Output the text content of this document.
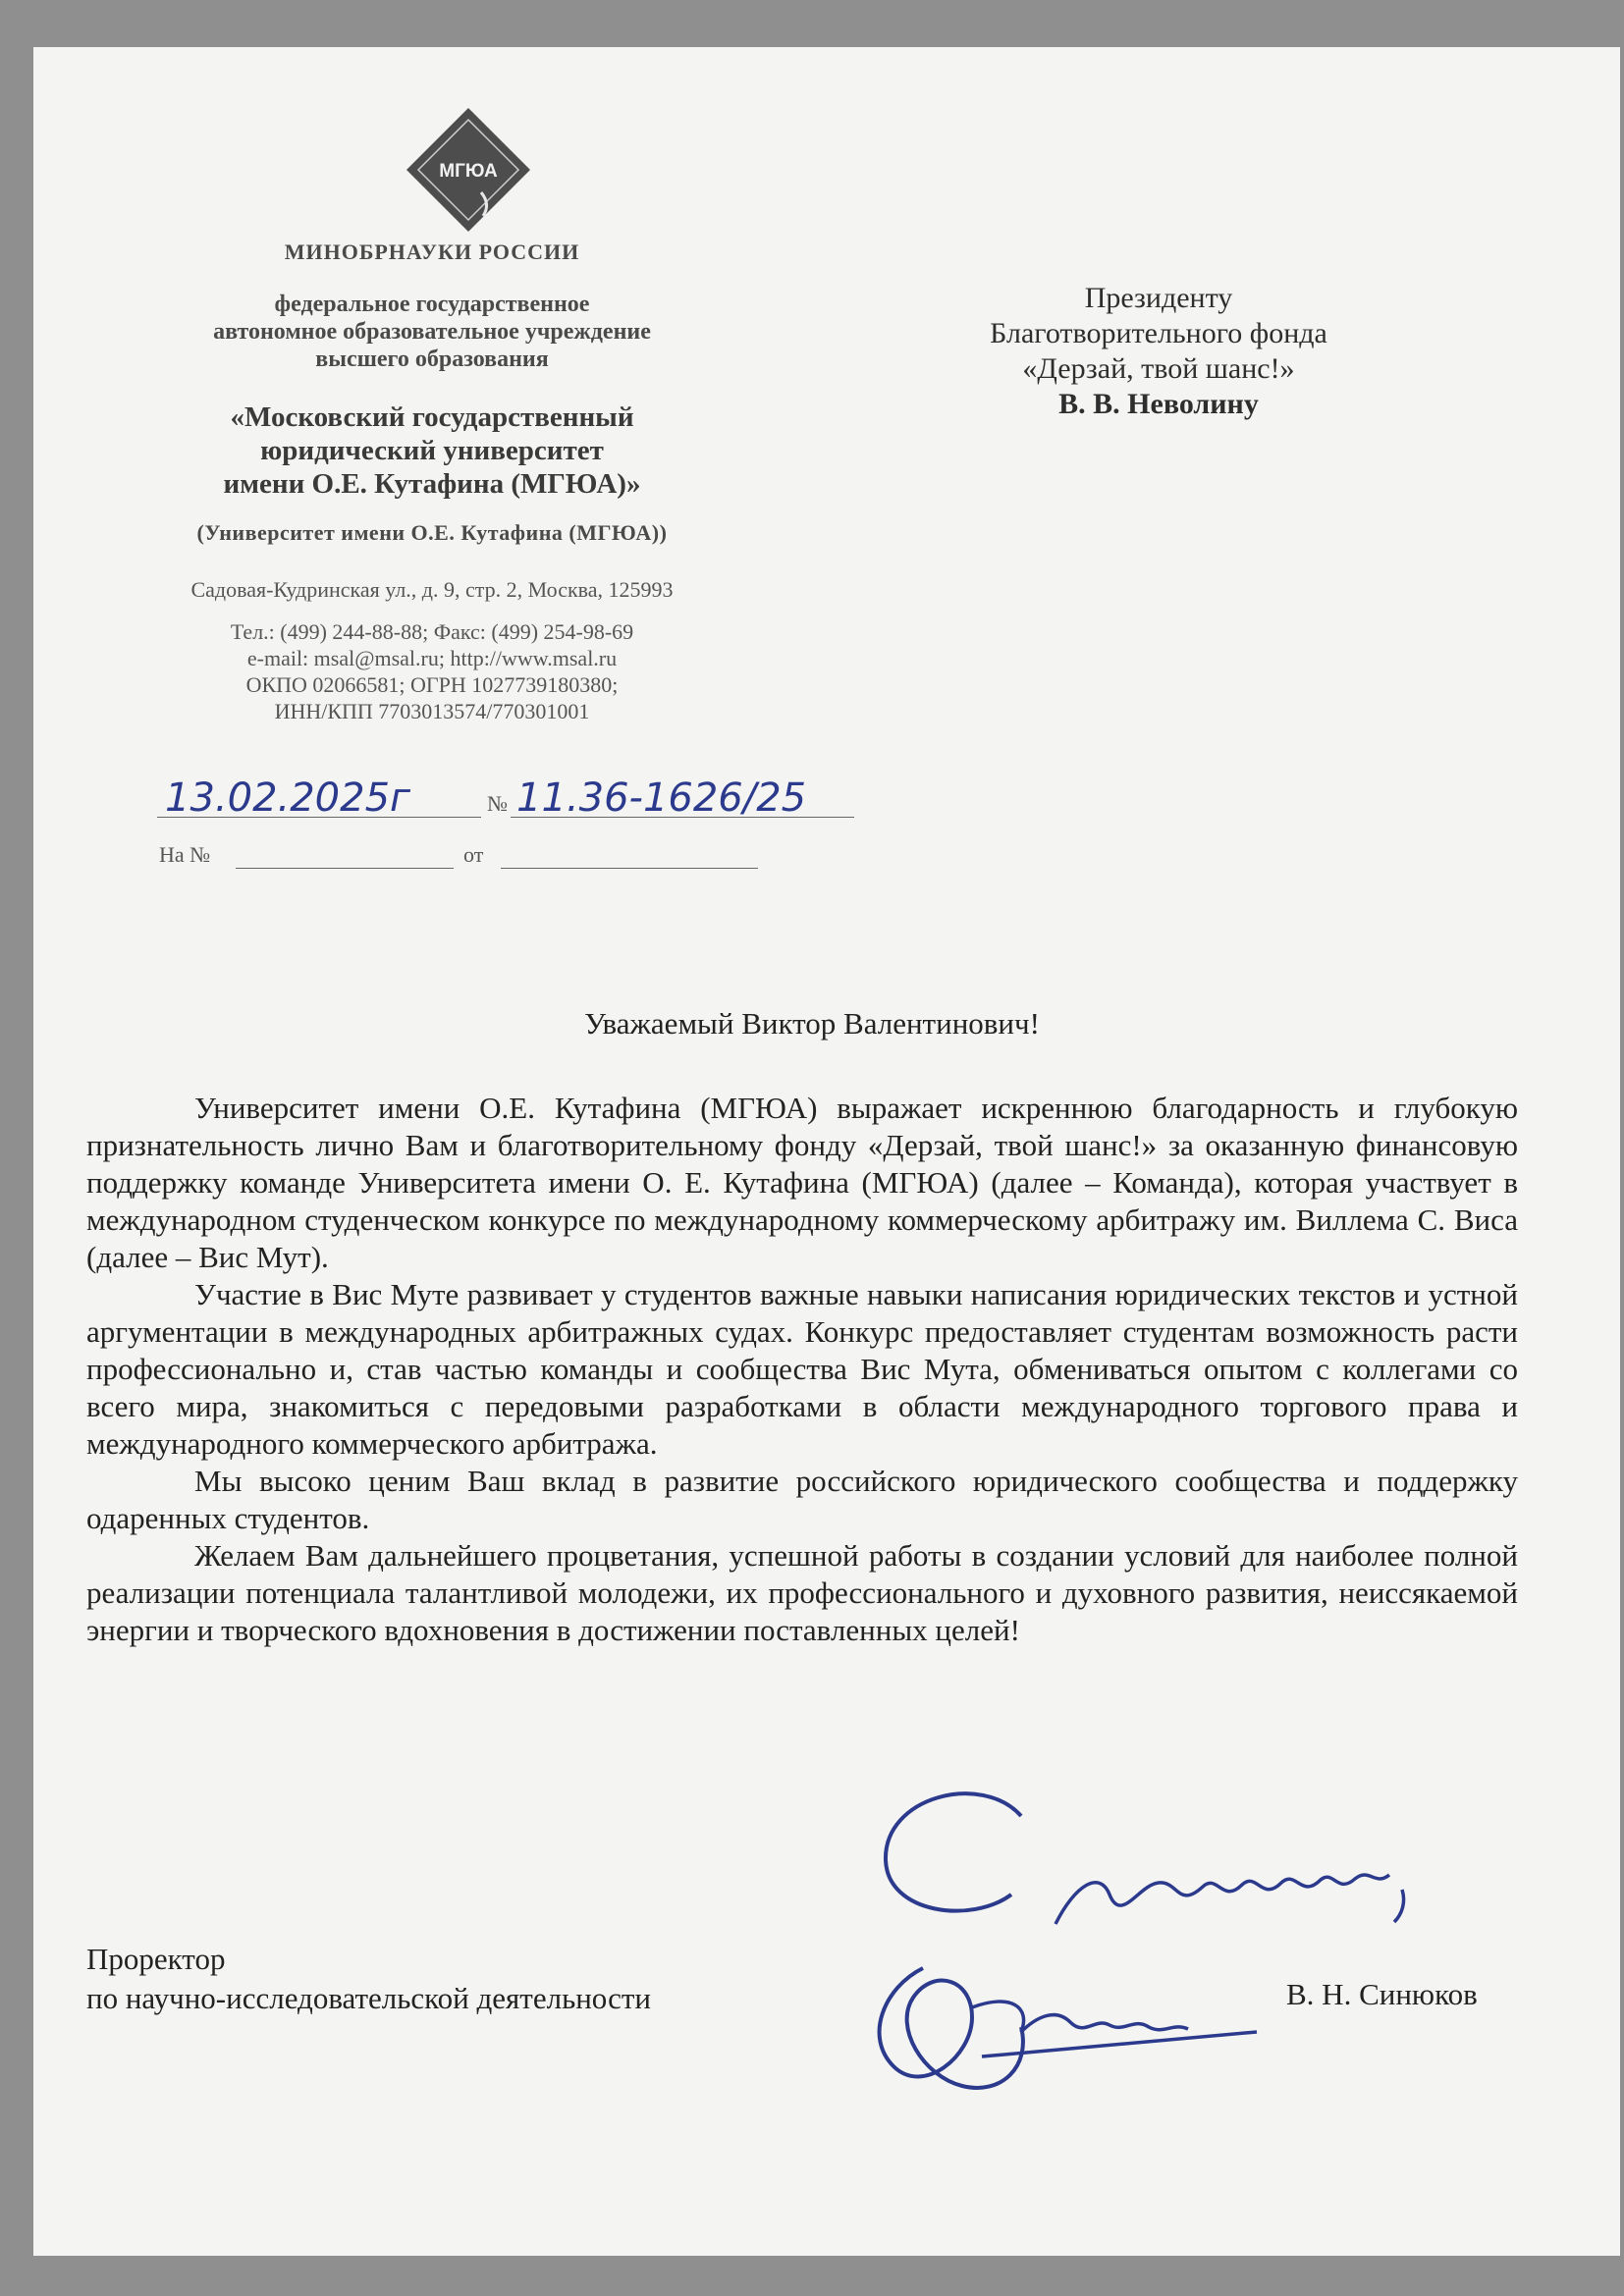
МГЮА
МИНОБРНАУКИ РОССИИ
федеральное государственное
автономное образовательное учреждение
высшего образования
«Московский государственный
юридический университет
имени О.Е. Кутафина (МГЮА)»
(Университет имени О.Е. Кутафина (МГЮА))
Садовая-Кудринская ул., д. 9, стр. 2, Москва, 125993
Тел.: (499) 244-88-88; Факс: (499) 254-98-69
e-mail: msal@msal.ru; http://www.msal.ru
ОКПО 02066581; ОГРН 1027739180380;
ИНН/КПП 7703013574/770301001
13.02.2025г	№ 11.36-1626/25
На №	от
Президенту
Благотворительного фонда
«Дерзай, твой шанс!»
В. В. Неволину
Уважаемый Виктор Валентинович!

Университет имени О.Е. Кутафина (МГЮА) выражает искреннюю благодарность и глубокую признательность лично Вам и благотворительному фонду «Дерзай, твой шанс!» за оказанную финансовую поддержку команде Университета имени О. Е. Кутафина (МГЮА) (далее – Команда), которая участвует в международном студенческом конкурсе по международному коммерческому арбитражу им. Виллема С. Виса (далее – Вис Мут).

Участие в Вис Муте развивает у студентов важные навыки написания юридических текстов и устной аргументации в международных арбитражных судах. Конкурс предоставляет студентам возможность расти профессионально и, став частью команды и сообщества Вис Мута, обмениваться опытом с коллегами со всего мира, знакомиться с передовыми разработками в области международного торгового права и международного коммерческого арбитража.

Мы высоко ценим Ваш вклад в развитие российского юридического сообщества и поддержку одаренных студентов.

Желаем Вам дальнейшего процветания, успешной работы в создании условий для наиболее полной реализации потенциала талантливой молодежи, их профессионального и духовного развития, неиссякаемой энергии и творческого вдохновения в достижении поставленных целей!

Проректор
по научно-исследовательской деятельности	В. Н. Синюков
